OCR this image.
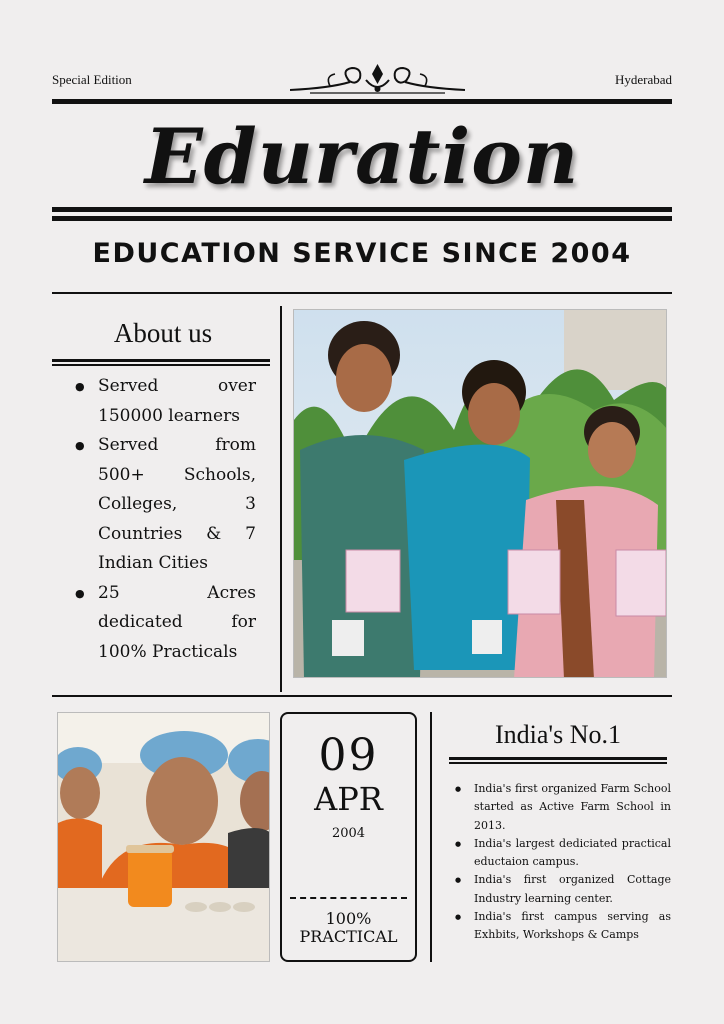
Special Edition	Hyderabad
Eduration
EDUCATION SERVICE SINCE 2004
About us
● Served over 150000 learners
● Served from 500+ Schools, Colleges, 3 Countries & 7 Indian Cities
● 25 Acres dedicated for 100% Practicals
09
APR
2004
100%
PRACTICAL
India's No.1
● India's first organized Farm School started as Active Farm School in 2013.
● India's largest dediciated practical eductaion campus.
● India's first organized Cottage Industry learning center.
● India's first campus serving as Exhbits, Workshops & Camps
